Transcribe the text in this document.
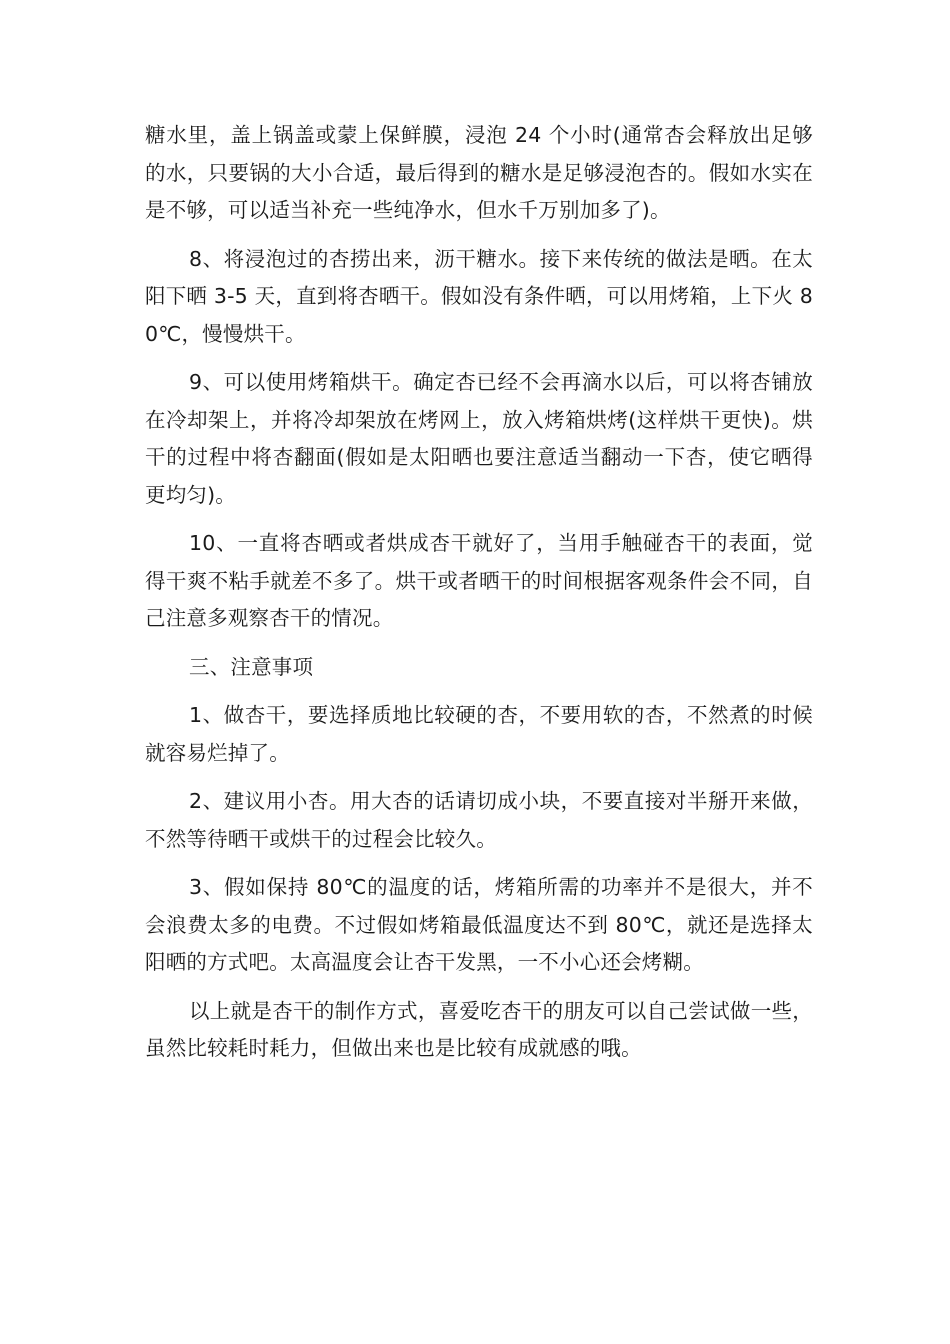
糖水里，盖上锅盖或蒙上保鲜膜，浸泡 24 个小时(通常杏会释放出足够的水，只要锅的大小合适，最后得到的糖水是足够浸泡杏的。假如水实在是不够，可以适当补充一些纯净水，但水千万别加多了)。

8、将浸泡过的杏捞出来，沥干糖水。接下来传统的做法是晒。在太阳下晒 3-5 天，直到将杏晒干。假如没有条件晒，可以用烤箱，上下火 80℃，慢慢烘干。

9、可以使用烤箱烘干。确定杏已经不会再滴水以后，可以将杏铺放在冷却架上，并将冷却架放在烤网上，放入烤箱烘烤(这样烘干更快)。烘干的过程中将杏翻面(假如是太阳晒也要注意适当翻动一下杏，使它晒得 更均匀)。

10、一直将杏晒或者烘成杏干就好了，当用手触碰杏干的表面，觉得干爽不粘手就差不多了。烘干或者晒干的时间根据客观条件会不同，自己注意多观察杏干的情况。

三、注意事项

1、做杏干，要选择质地比较硬的杏，不要用软的杏，不然煮的时候就容易烂掉了。

2、建议用小杏。用大杏的话请切成小块，不要直接对半掰开来做，不然等待晒干或烘干的过程会比较久。

3、假如保持 80℃的温度的话，烤箱所需的功率并不是很大，并不会浪费太多的电费。不过假如烤箱最低温度达不到 80℃，就还是选择太阳晒的方式吧。太高温度会让杏干发黑，一不小心还会烤糊。

以上就是杏干的制作方式，喜爱吃杏干的朋友可以自己尝试做一些，虽然比较耗时耗力，但做出来也是比较有成就感的哦。
